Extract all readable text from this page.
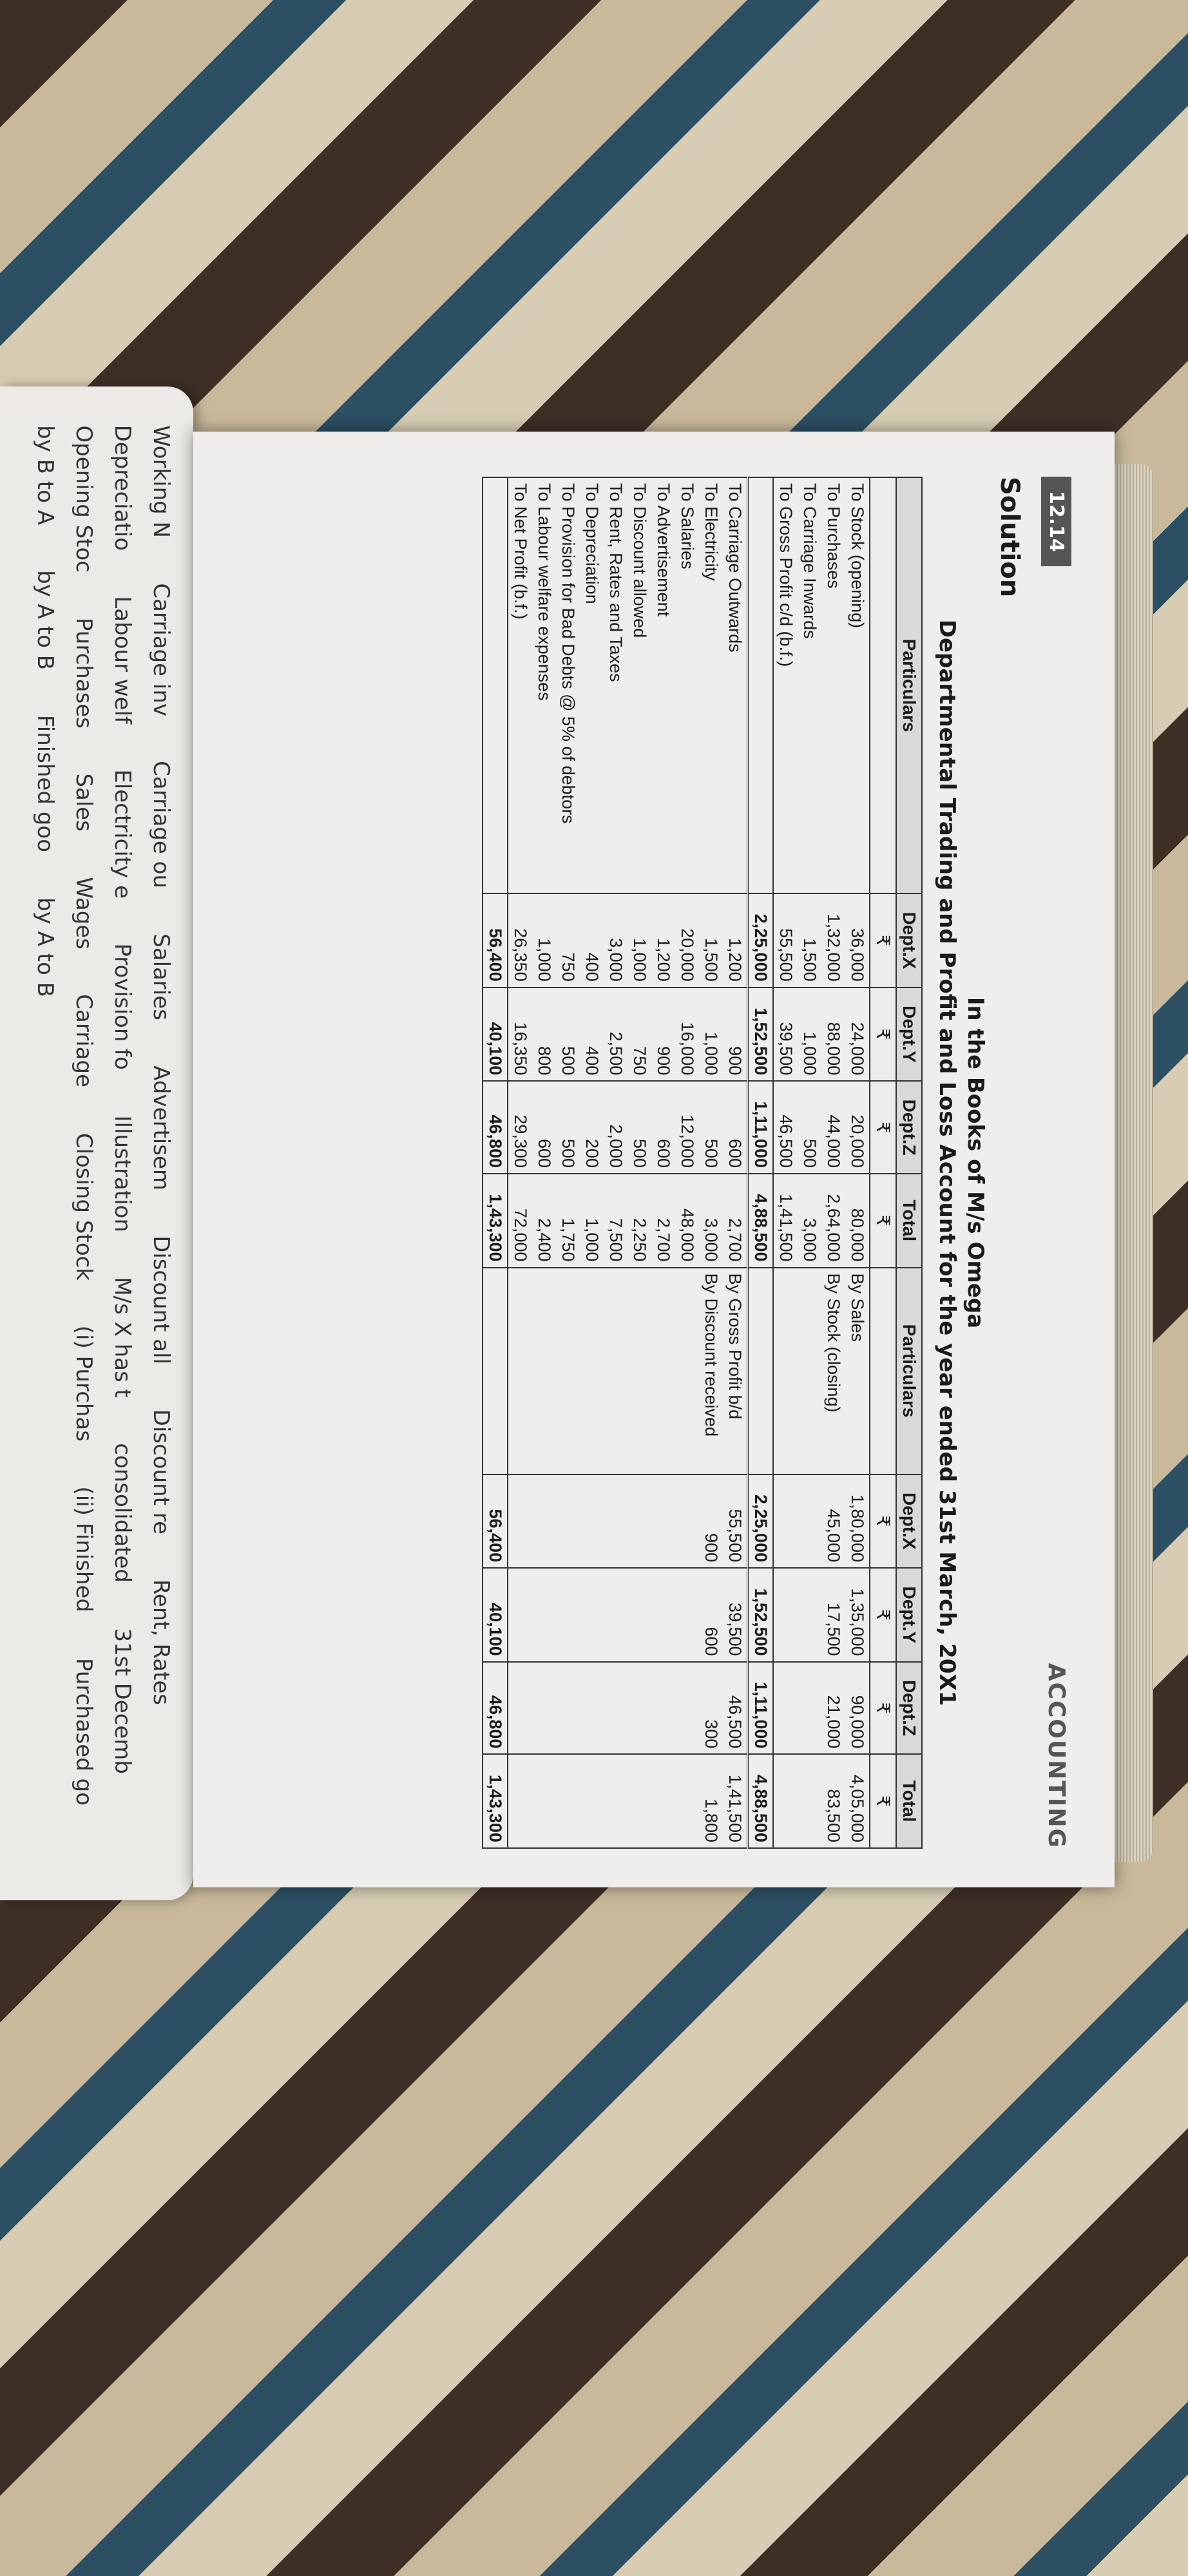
Working N
Carriage inv
Carriage ou
Salaries
Advertisem
Discount all
Discount re
Rent, Rates
Depreciatio
Labour welf
Electricity e
Provision fo
Illustration
M/s X has t
consolidated
31st Decemb
Opening Stoc
Purchases
Sales
Wages
Carriage
Closing Stock
(i) Purchas
(ii) Finished
Purchased go
by B to A
by A to B
Finished goo
by A to B
12.14
ACCOUNTING
Solution
In the Books of M/s Omega
Departmental Trading and Profit and Loss Account for the year ended 31st March, 20X1
Particulars	Dept.X	Dept.Y	Dept.Z	Total	Particulars	Dept.X	Dept.Y	Dept.Z	Total
	₹	₹	₹	₹		₹	₹	₹	₹
To Stock (opening)	36,000	24,000	20,000	80,000	By Sales	1,80,000	1,35,000	90,000	4,05,000
To Purchases	1,32,000	88,000	44,000	2,64,000	By Stock (closing)	45,000	17,500	21,000	83,500
To Carriage Inwards	1,500	1,000	500	3,000					
To Gross Profit c/d (b.f.)	55,500	39,500	46,500	1,41,500					
	2,25,000	1,52,500	1,11,000	4,88,500		2,25,000	1,52,500	1,11,000	4,88,500
To Carriage Outwards	1,200	900	600	2,700	By Gross Profit b/d	55,500	39,500	46,500	1,41,500
To Electricity	1,500	1,000	500	3,000	By Discount received	900	600	300	1,800
To Salaries	20,000	16,000	12,000	48,000					
To Advertisement	1,200	900	600	2,700					
To Discount allowed	1,000	750	500	2,250					
To Rent, Rates and Taxes	3,000	2,500	2,000	7,500					
To Depreciation	400	400	200	1,000					
To Provision for Bad Debts @ 5% of debtors	750	500	500	1,750					
To Labour welfare expenses	1,000	800	600	2,400					
To Net Profit (b.f.)	26,350	16,350	29,300	72,000					
	56,400	40,100	46,800	1,43,300		56,400	40,100	46,800	1,43,300
